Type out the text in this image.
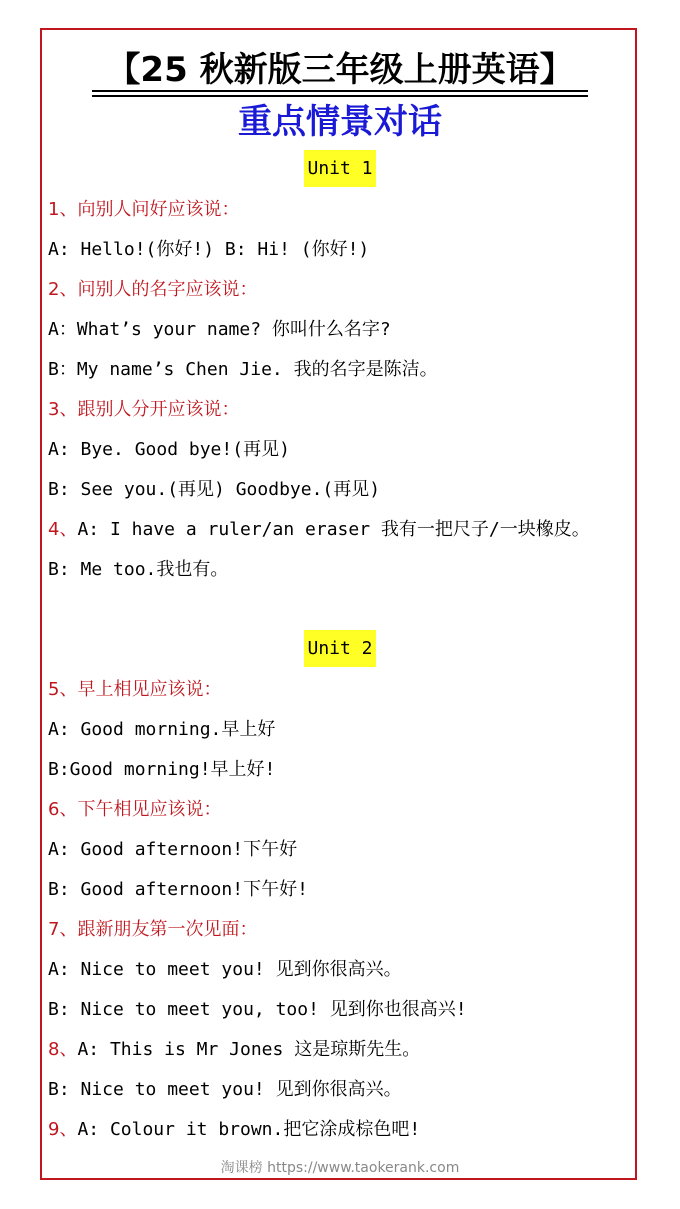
【25 秋新版三年级上册英语】
重点情景对话
Unit 1
1、向别人问好应该说：
A: Hello!(你好!) B: Hi! (你好!)
2、问别人的名字应该说：
A：What’s your name? 你叫什么名字?
B：My name’s Chen Jie. 我的名字是陈洁。
3、跟别人分开应该说：
A: Bye. Good bye!(再见)
B: See you.(再见) Goodbye.(再见)
4、A: I have a ruler/an eraser 我有一把尺子/一块橡皮。
B: Me too.我也有。
Unit 2
5、早上相见应该说：
A: Good morning.早上好
B:Good morning!早上好!
6、下午相见应该说：
A: Good afternoon!下午好
B: Good afternoon!下午好!
7、跟新朋友第一次见面：
A: Nice to meet you! 见到你很高兴。
B: Nice to meet you, too! 见到你也很高兴!
8、A: This is Mr Jones 这是琼斯先生。
B: Nice to meet you! 见到你很高兴。
9、A: Colour it brown.把它涂成棕色吧!
淘课榜 https://www.taokerank.com
